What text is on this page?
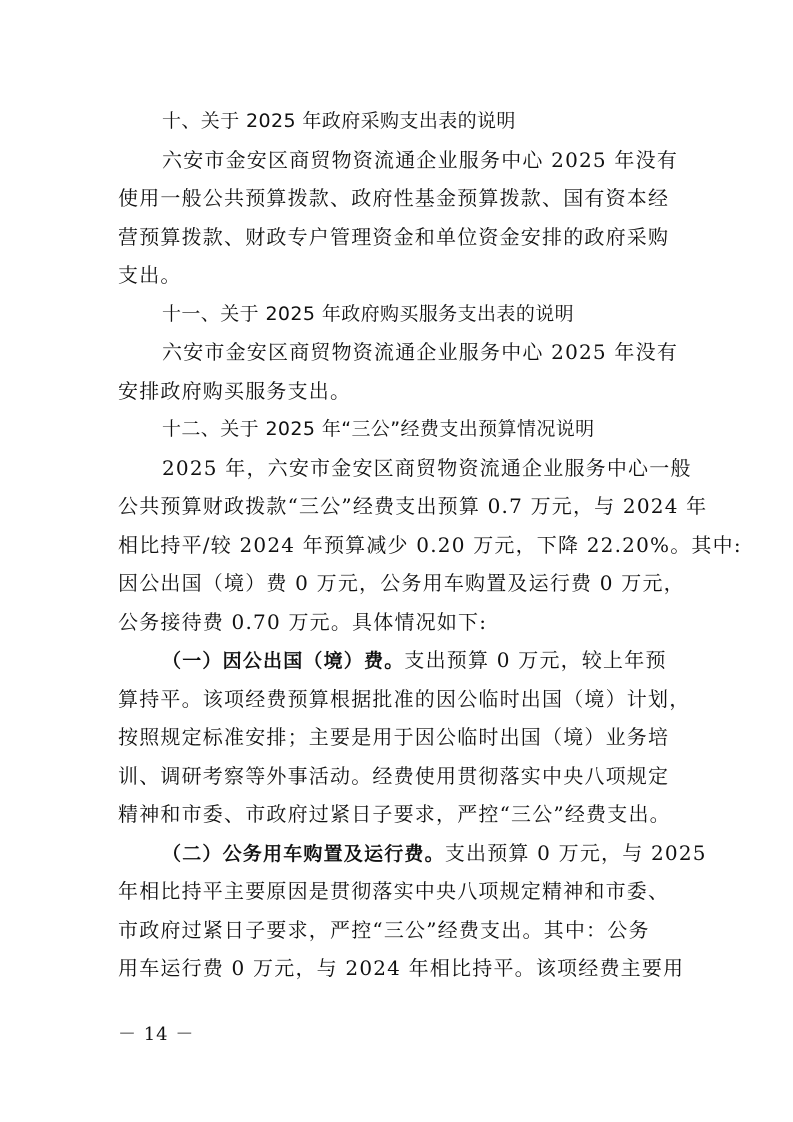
十、关于 2025 年政府采购支出表的说明
六安市金安区商贸物资流通企业服务中心 2025 年没有
使用一般公共预算拨款、政府性基金预算拨款、国有资本经
营预算拨款、财政专户管理资金和单位资金安排的政府采购
支出。
十一、关于 2025 年政府购买服务支出表的说明
六安市金安区商贸物资流通企业服务中心 2025 年没有
安排政府购买服务支出。
十二、关于 2025 年“三公”经费支出预算情况说明
2025 年，六安市金安区商贸物资流通企业服务中心一般
公共预算财政拨款“三公”经费支出预算 0.7 万元，与 2024 年
相比持平/较 2024 年预算减少 0.20 万元，下降 22.20%。其中:
因公出国（境）费 0 万元，公务用车购置及运行费 0 万元，
公务接待费 0.70 万元。具体情况如下:
（一）因公出国（境）费。支出预算 0 万元，较上年预
算持平。该项经费预算根据批准的因公临时出国（境）计划，
按照规定标准安排；主要是用于因公临时出国（境）业务培
训、调研考察等外事活动。经费使用贯彻落实中央八项规定
精神和市委、市政府过紧日子要求，严控“三公”经费支出。
（二）公务用车购置及运行费。支出预算 0 万元，与 2025
年相比持平主要原因是贯彻落实中央八项规定精神和市委、
市政府过紧日子要求，严控“三公”经费支出。其中：公务
用车运行费 0 万元，与 2024 年相比持平。该项经费主要用
－ 14 －
